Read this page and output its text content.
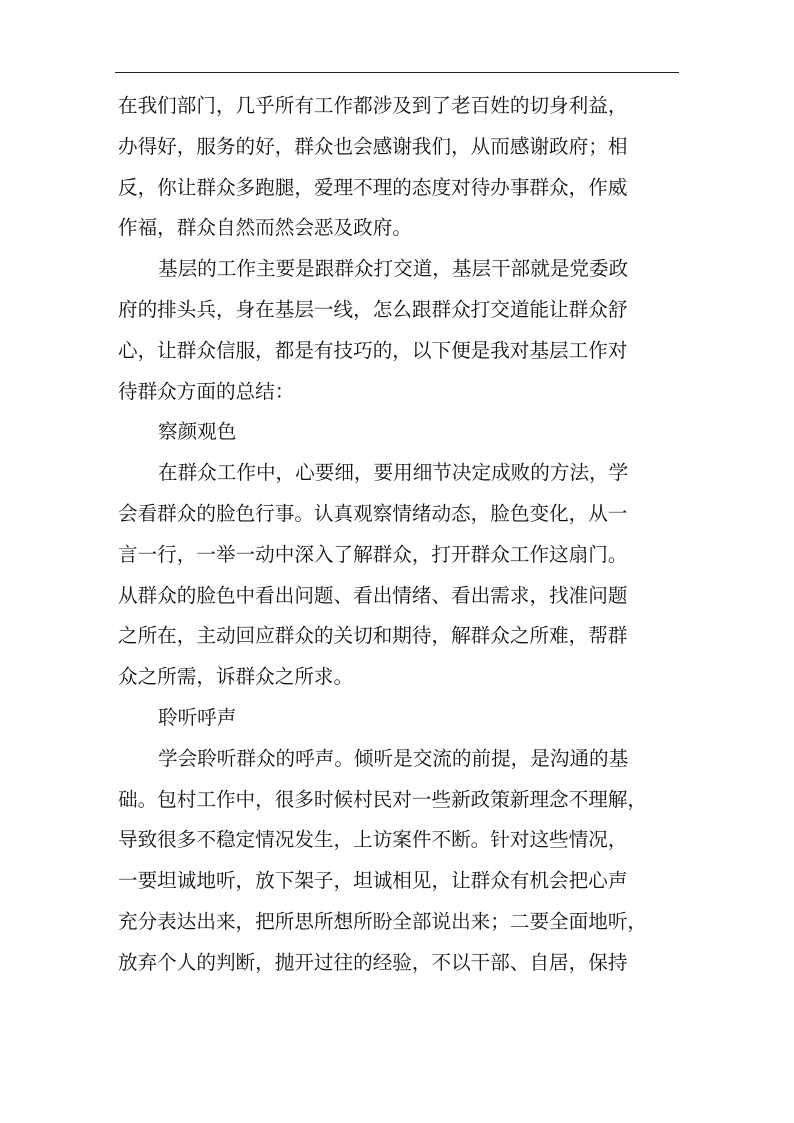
在我们部门，几乎所有工作都涉及到了老百姓的切身利益，
办得好，服务的好，群众也会感谢我们，从而感谢政府；相
反，你让群众多跑腿，爱理不理的态度对待办事群众，作威
作福，群众自然而然会恶及政府。
基层的工作主要是跟群众打交道，基层干部就是党委政
府的排头兵，身在基层一线，怎么跟群众打交道能让群众舒
心，让群众信服，都是有技巧的，以下便是我对基层工作对
待群众方面的总结：
察颜观色
在群众工作中，心要细，要用细节决定成败的方法，学
会看群众的脸色行事。认真观察情绪动态，脸色变化，从一
言一行，一举一动中深入了解群众，打开群众工作这扇门。
从群众的脸色中看出问题、看出情绪、看出需求，找准问题
之所在，主动回应群众的关切和期待，解群众之所难，帮群
众之所需，诉群众之所求。
聆听呼声
学会聆听群众的呼声。倾听是交流的前提，是沟通的基
础。包村工作中，很多时候村民对一些新政策新理念不理解，
导致很多不稳定情况发生，上访案件不断。针对这些情况，
一要坦诚地听，放下架子，坦诚相见，让群众有机会把心声
充分表达出来，把所思所想所盼全部说出来；二要全面地听，
放弃个人的判断，抛开过往的经验，不以干部、自居，保持
